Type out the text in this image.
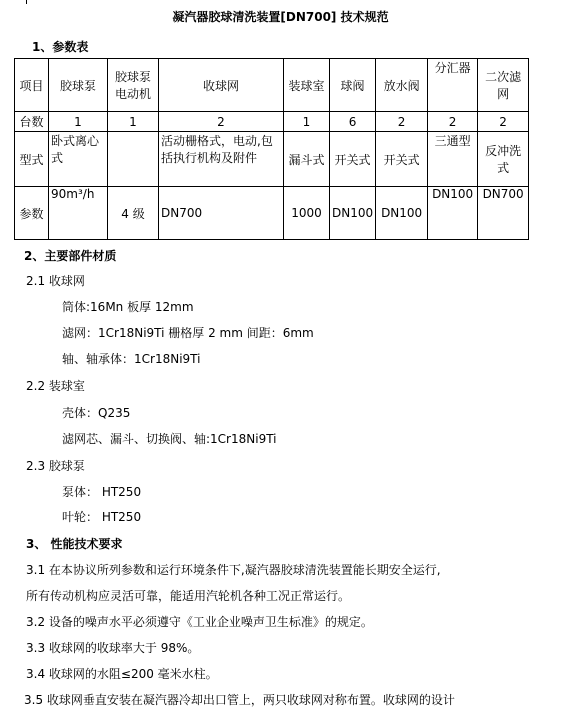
凝汽器胶球清洗装置[DN700] 技术规范
1、参数表
项目	胶球泵	胶球泵电动机	收球网	装球室	球阀	放水阀	分汇器	二次滤网
台数	1	1	2	1	6	2	2	2
型式	卧式离心式		活动栅格式，电动,包括执行机构及附件	漏斗式	开关式	开关式	三通型	反冲洗式
参数	90m³/h	4 级	DN700	1000	DN100	DN100	DN100	DN700
2、主要部件材质
2.1 收球网
筒体:16Mn 板厚 12mm
滤网：1Cr18Ni9Ti 栅格厚 2 mm 间距：6mm
轴、轴承体：1Cr18Ni9Ti
2.2 装球室
壳体：Q235
滤网芯、漏斗、切换阀、轴:1Cr18Ni9Ti
2.3 胶球泵
泵体： HT250
叶轮： HT250
3、 性能技术要求
3.1 在本协议所列参数和运行环境条件下,凝汽器胶球清洗装置能长期安全运行,
所有传动机构应灵活可靠，能适用汽轮机各种工况正常运行。
3.2 设备的噪声水平必须遵守《工业企业噪声卫生标准》的规定。
3.3 收球网的收球率大于 98%。
3.4 收球网的水阻≤200 毫米水柱。
3.5 收球网垂直安装在凝汽器冷却出口管上，两只收球网对称布置。收球网的设计
